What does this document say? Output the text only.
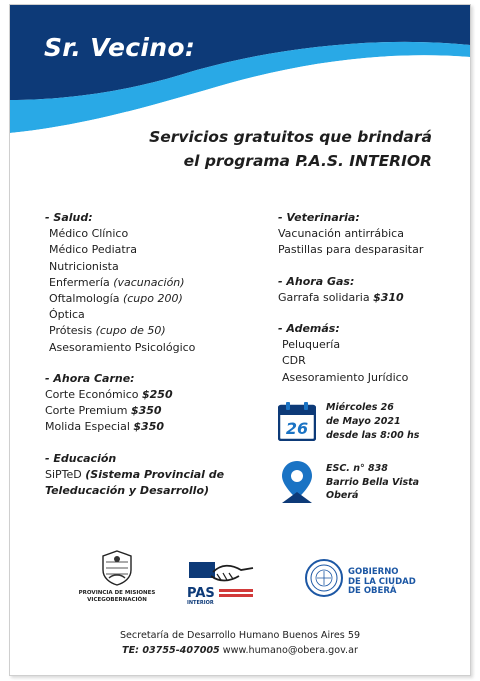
Sr. Vecino:
Servicios gratuitos que brindará
el programa P.A.S. INTERIOR
- Salud:
Médico Clínico
Médico Pediatra
Nutricionista
Enfermería (vacunación)
Oftalmología (cupo 200)
Óptica
Prótesis (cupo de 50)
Asesoramiento Psicológico
- Ahora Carne:
Corte Económico $250
Corte Premium $350
Molida Especial $350
- Educación
SiPTeD (Sistema Provincial de
Teleducación y Desarrollo)
- Veterinaria:
Vacunación antirrábica
Pastillas para desparasitar
- Ahora Gas:
Garrafa solidaria $310
- Además:
Peluquería
CDR
Asesoramiento Jurídico
26
Miércoles 26
de Mayo 2021
desde las 8:00 hs
ESC. n° 838
Barrio Bella Vista
Oberá
PROVINCIA DE MISIONES
VICEGOBERNACIÓN	PAS
INTERIOR
GOBIERNO
DE LA CIUDAD
DE OBERÁ
Secretaría de Desarrollo Humano Buenos Aires 59
TE: 03755-407005 www.humano@obera.gov.ar
